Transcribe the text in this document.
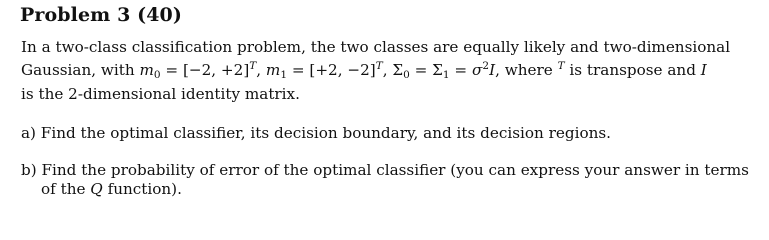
Problem 3 (40)
In a two-class classification problem, the two classes are equally likely and two-dimensional
Gaussian, with $m_0 = [-2$, +2]$^T$, $m_1 = [+2$, −2]$^T$, $\Sigma_0 = \Sigma_1 = \sigma^2I$, where $^T$ is transpose and I
is the 2-dimensional identity matrix.
a) Find the optimal classifier, its decision boundary, and its decision regions.
b) Find the probability of error of the optimal classifier (you can express your answer in terms
of the Q function).
